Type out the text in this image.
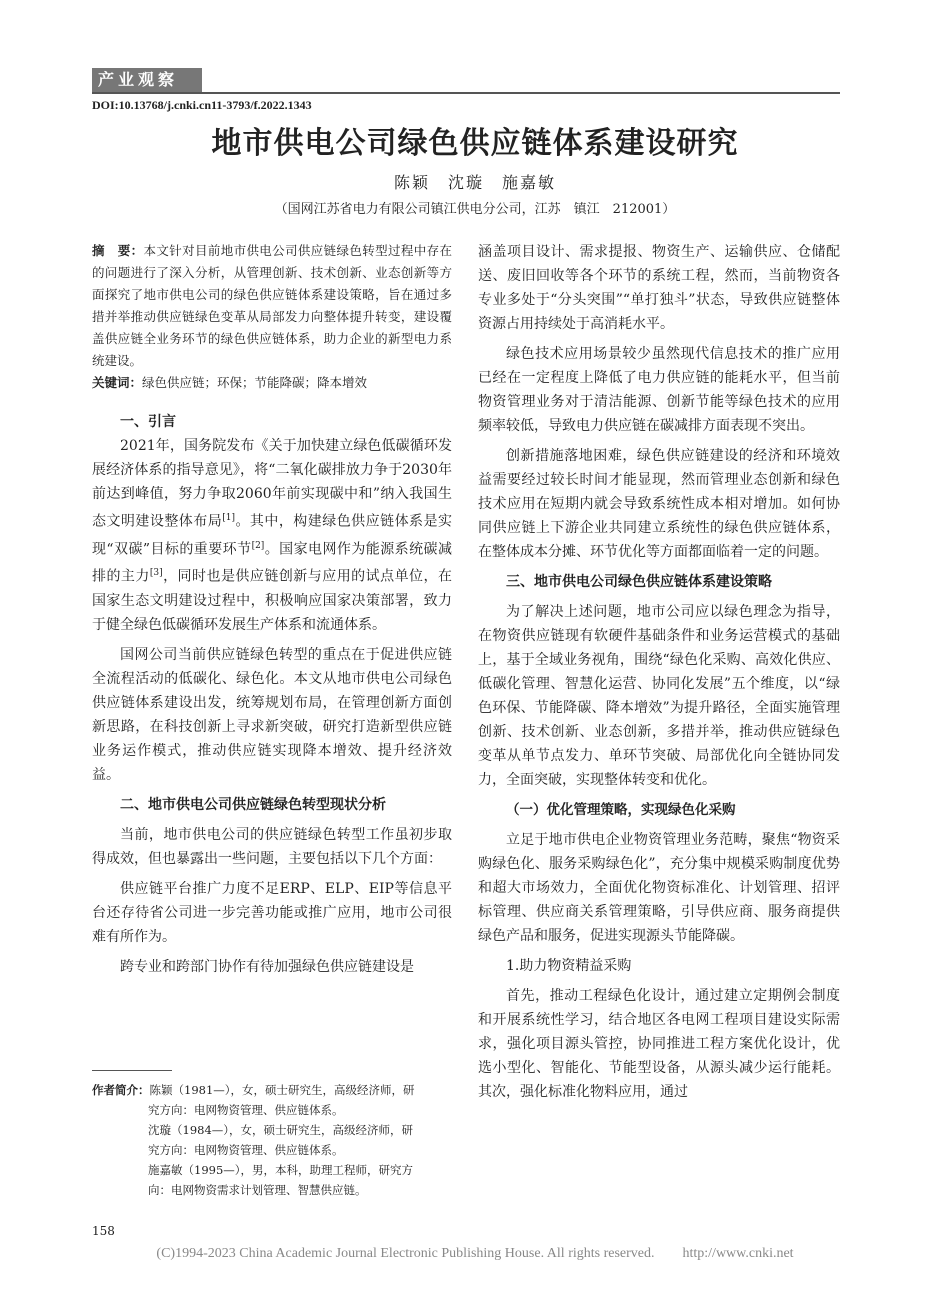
产业观察
DOI:10.13768/j.cnki.cn11-3793/f.2022.1343
地市供电公司绿色供应链体系建设研究
陈颖　沈璇　施嘉敏
（国网江苏省电力有限公司镇江供电分公司，江苏　镇江　212001）

摘　要：本文针对目前地市供电公司供应链绿色转型过程中存在的问题进行了深入分析，从管理创新、技术创新、业态创新等方面探究了地市供电公司的绿色供应链体系建设策略，旨在通过多措并举推动供应链绿色变革从局部发力向整体提升转变，建设覆盖供应链全业务环节的绿色供应链体系，助力企业的新型电力系统建设。

关键词：绿色供应链；环保；节能降碳；降本增效

一、引言

2021年，国务院发布《关于加快建立绿色低碳循环发展经济体系的指导意见》，将“二氧化碳排放力争于2030年前达到峰值，努力争取2060年前实现碳中和”纳入我国生态文明建设整体布局[1]。其中，构建绿色供应链体系是实现“双碳”目标的重要环节[2]。国家电网作为能源系统碳减排的主力[3]，同时也是供应链创新与应用的试点单位，在国家生态文明建设过程中，积极响应国家决策部署，致力于健全绿色低碳循环发展生产体系和流通体系。

国网公司当前供应链绿色转型的重点在于促进供应链全流程活动的低碳化、绿色化。本文从地市供电公司绿色供应链体系建设出发，统筹规划布局，在管理创新方面创新思路，在科技创新上寻求新突破，研究打造新型供应链业务运作模式，推动供应链实现降本增效、提升经济效益。

二、地市供电公司供应链绿色转型现状分析

当前，地市供电公司的供应链绿色转型工作虽初步取得成效，但也暴露出一些问题，主要包括以下几个方面：

供应链平台推广力度不足ERP、ELP、EIP等信息平台还存待省公司进一步完善功能或推广应用，地市公司很难有所作为。

跨专业和跨部门协作有待加强绿色供应链建设是

作者简介：陈颖（1981—），女，硕士研究生，高级经济师，研
究方向：电网物资管理、供应链体系。
沈璇（1984—），女，硕士研究生，高级经济师，研
究方向：电网物资管理、供应链体系。
施嘉敏（1995—），男，本科，助理工程师，研究方
向：电网物资需求计划管理、智慧供应链。

涵盖项目设计、需求提报、物资生产、运输供应、仓储配送、废旧回收等各个环节的系统工程，然而，当前物资各专业多处于“分头突围”“单打独斗”状态，导致供应链整体资源占用持续处于高消耗水平。

绿色技术应用场景较少虽然现代信息技术的推广应用已经在一定程度上降低了电力供应链的能耗水平，但当前物资管理业务对于清洁能源、创新节能等绿色技术的应用频率较低，导致电力供应链在碳减排方面表现不突出。

创新措施落地困难，绿色供应链建设的经济和环境效益需要经过较长时间才能显现，然而管理业态创新和绿色技术应用在短期内就会导致系统性成本相对增加。如何协同供应链上下游企业共同建立系统性的绿色供应链体系，在整体成本分摊、环节优化等方面都面临着一定的问题。

三、地市供电公司绿色供应链体系建设策略

为了解决上述问题，地市公司应以绿色理念为指导，在物资供应链现有软硬件基础条件和业务运营模式的基础上，基于全域业务视角，围绕“绿色化采购、高效化供应、低碳化管理、智慧化运营、协同化发展”五个维度，以“绿色环保、节能降碳、降本增效”为提升路径，全面实施管理创新、技术创新、业态创新，多措并举，推动供应链绿色变革从单节点发力、单环节突破、局部优化向全链协同发力，全面突破，实现整体转变和优化。

（一）优化管理策略，实现绿色化采购

立足于地市供电企业物资管理业务范畴，聚焦“物资采购绿色化、服务采购绿色化”，充分集中规模采购制度优势和超大市场效力，全面优化物资标准化、计划管理、招评标管理、供应商关系管理策略，引导供应商、服务商提供绿色产品和服务，促进实现源头节能降碳。

1.助力物资精益采购

首先，推动工程绿色化设计，通过建立定期例会制度和开展系统性学习，结合地区各电网工程项目建设实际需求，强化项目源头管控，协同推进工程方案优化设计，优选小型化、智能化、节能型设备，从源头减少运行能耗。其次，强化标准化物料应用，通过

158
(C)1994-2023 China Academic Journal Electronic Publishing House. All rights reserved.　　http://www.cnki.net
